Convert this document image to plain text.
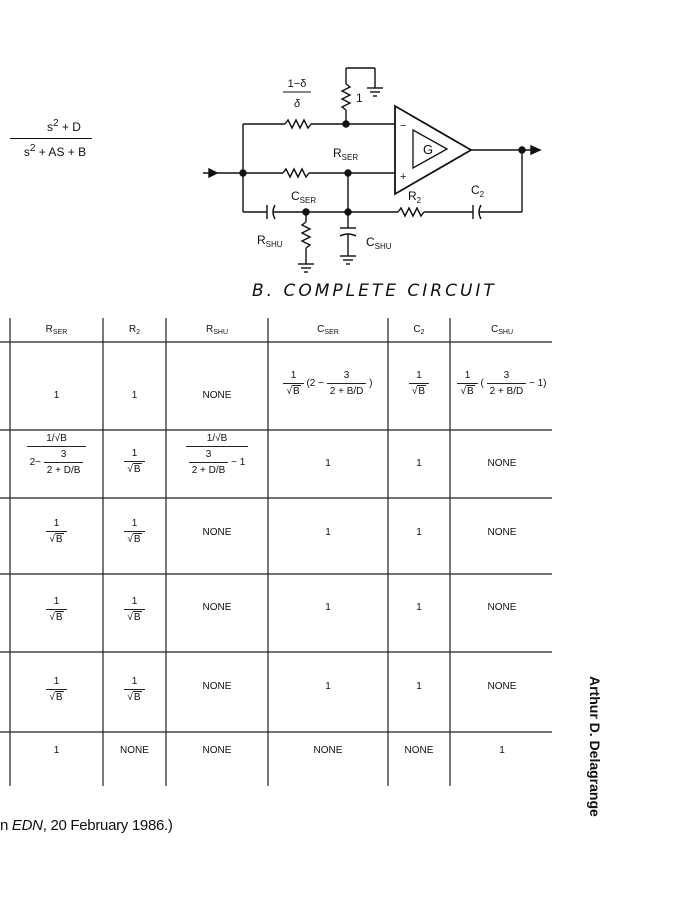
$s^2 + D$
$s^2$ + AS + B
1−δ
δ	1
G
−
+
$R_{SER}$
$C_{SER}$	$R_2$
$C_2$
$R_{SHU}$	$C_{SHU}$
B. COMPLETE CIRCUIT
$R_{SER}$	$R_2$	$R_{SHU}$	$C_{SER}$	$C_2$	$C_{SHU}$
1	1	NONE	$\frac{1}{√B} (2 - \frac{3}{2 + B/D}$ )	$\frac{1}{√B}$	$\frac{1}{√B}$ ( $\frac{3}{2 + B/D} - 1$)
$\frac{1/√B}{2- \frac{3}{2 + D/B}}$	$\frac{1}{√B}$	$\frac{1/√B}{\frac{3}{2 + D/B} - 1}$	1	1	NONE
$\frac{1}{√B}$	$\frac{1}{√B}$	NONE	1	1	NONE
$\frac{1}{√B}$	$\frac{1}{√B}$	NONE	1	1	NONE
$\frac{1}{√B}$	$\frac{1}{√B}$	NONE	1	1	NONE
1	NONE	NONE	NONE	NONE	1
n EDN, 20 February 1986.)
Arthur D. Delagrange
